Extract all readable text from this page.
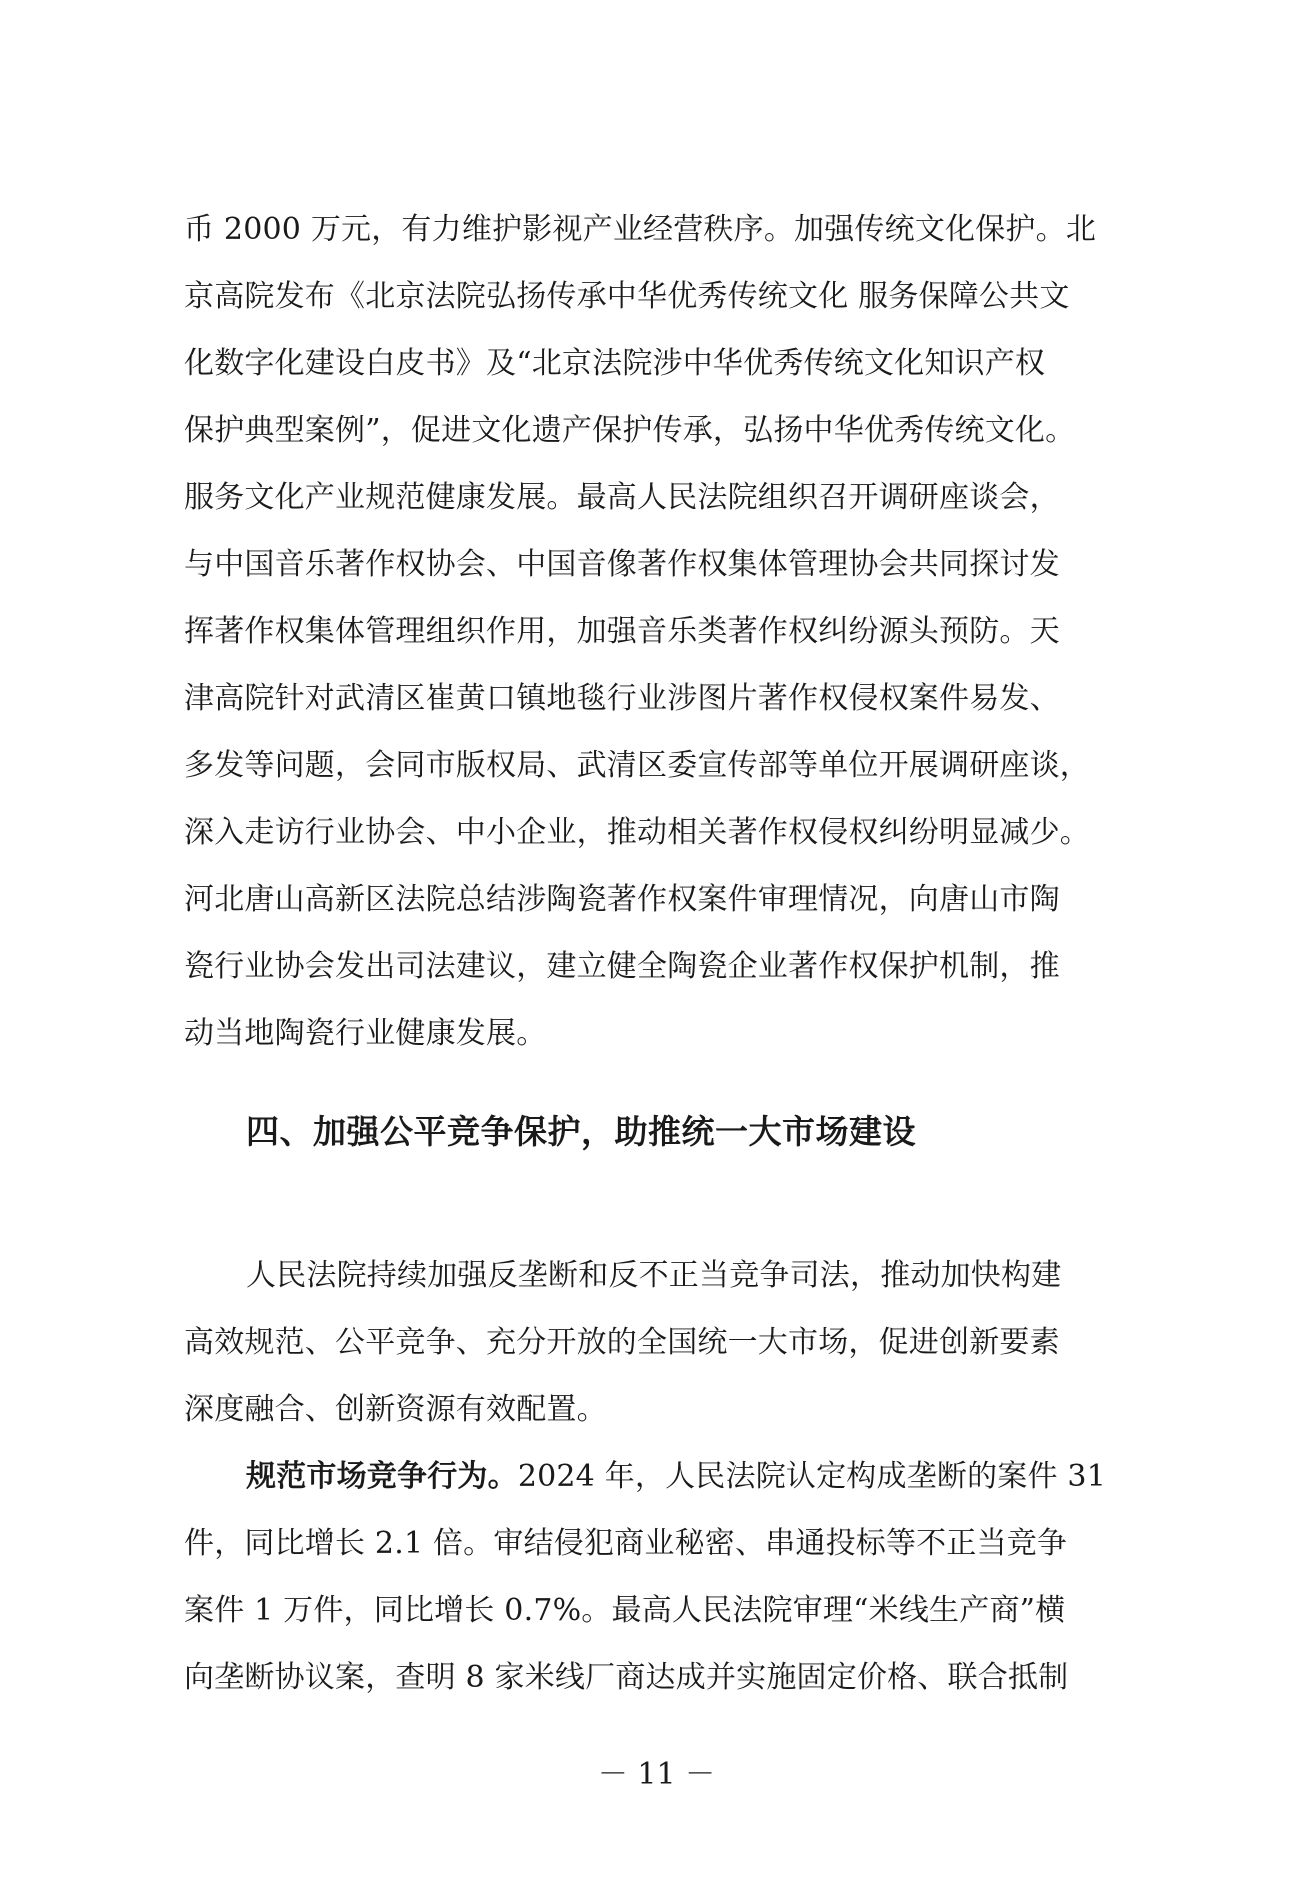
币 2000 万元，有力维护影视产业经营秩序。加强传统文化保护。北
京高院发布《北京法院弘扬传承中华优秀传统文化 服务保障公共文
化数字化建设白皮书》及“北京法院涉中华优秀传统文化知识产权
保护典型案例”，促进文化遗产保护传承，弘扬中华优秀传统文化。
服务文化产业规范健康发展。最高人民法院组织召开调研座谈会，
与中国音乐著作权协会、中国音像著作权集体管理协会共同探讨发
挥著作权集体管理组织作用，加强音乐类著作权纠纷源头预防。天
津高院针对武清区崔黄口镇地毯行业涉图片著作权侵权案件易发、
多发等问题，会同市版权局、武清区委宣传部等单位开展调研座谈，
深入走访行业协会、中小企业，推动相关著作权侵权纠纷明显减少。
河北唐山高新区法院总结涉陶瓷著作权案件审理情况，向唐山市陶
瓷行业协会发出司法建议，建立健全陶瓷企业著作权保护机制，推
动当地陶瓷行业健康发展。
四、加强公平竞争保护，助推统一大市场建设
人民法院持续加强反垄断和反不正当竞争司法，推动加快构建
高效规范、公平竞争、充分开放的全国统一大市场，促进创新要素
深度融合、创新资源有效配置。
规范市场竞争行为。2024 年，人民法院认定构成垄断的案件 31
件，同比增长 2.1 倍。审结侵犯商业秘密、串通投标等不正当竞争
案件 1 万件，同比增长 0.7%。最高人民法院审理“米线生产商”横
向垄断协议案，查明 8 家米线厂商达成并实施固定价格、联合抵制
－ 11 －
